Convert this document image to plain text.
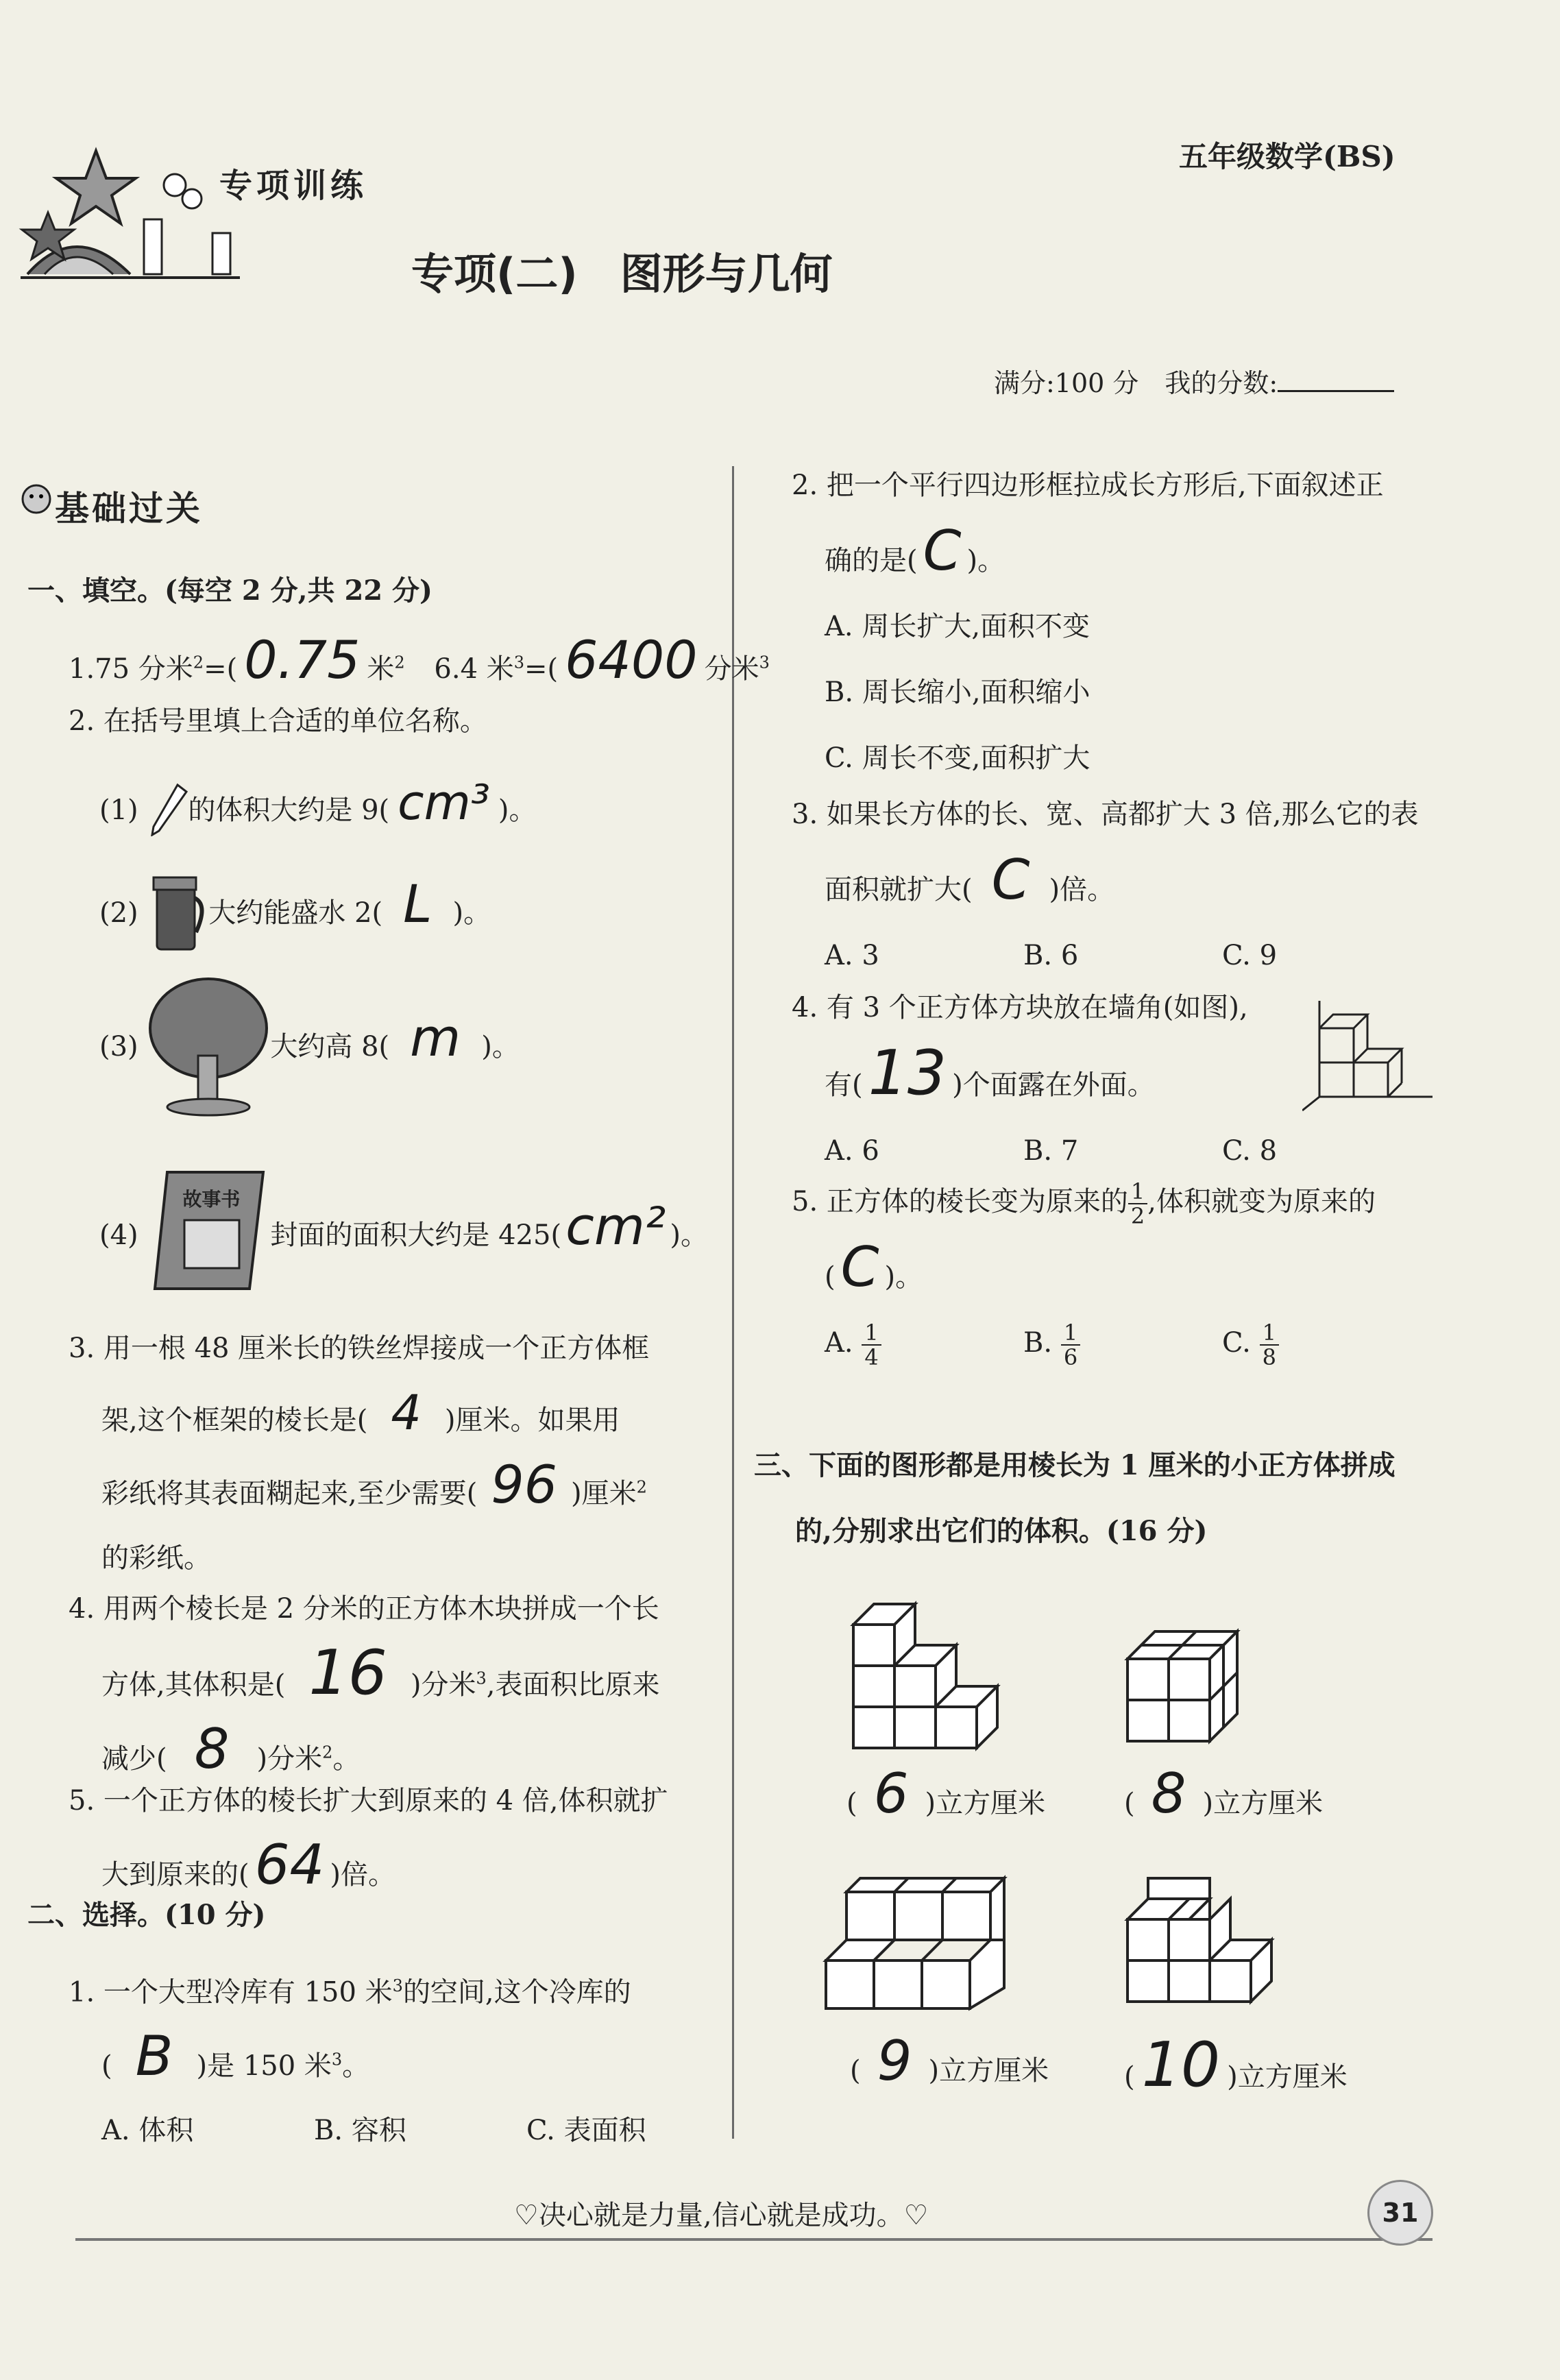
专项训练
五年级数学(BS)
专项(二)　图形与几何
满分:100 分　我的分数:
基础过关
一、填空。(每空 2 分,共 22 分)
1.75 分米$^2$=( 0.75 米$^2$ 6.4 米$^3$=( 6400 分米$^3$
2. 在括号里填上合适的单位名称。
(1) 的体积大约是 9( cm³ )。
(2)	大约能盛水 2( L )。
(3)	大约高 8( m )。
(4)
故事书
封面的面积大约是 425(cm² )。
3. 用一根 48 厘米长的铁丝焊接成一个正方体框
架,这个框架的棱长是( 4 )厘米。如果用
彩纸将其表面糊起来,至少需要( 96 )厘米$^2$
的彩纸。
4. 用两个棱长是 2 分米的正方体木块拼成一个长
方体,其体积是( 16 )分米$^3$,表面积比原来
减少( 8 )分米$^2$。
5. 一个正方体的棱长扩大到原来的 4 倍,体积就扩
大到原来的( 64 )倍。
二、选择。(10 分)
1. 一个大型冷库有 150 米$^3$的空间,这个冷库的
( B )是 150 米$^3$。
A. 体积	B. 容积	C. 表面积
2. 把一个平行四边形框拉成长方形后,下面叙述正
确的是( C )。
A. 周长扩大,面积不变
B. 周长缩小,面积缩小
C. 周长不变,面积扩大
3. 如果长方体的长、宽、高都扩大 3 倍,那么它的表
面积就扩大( C )倍。
A. 3	B. 6	C. 9
4. 有 3 个正方体方块放在墙角(如图),
有(13 )个面露在外面。
A. 6	B. 7	C. 8
5. 正方体的棱长变为原来的 $\frac{1}{2}$ ,体积就变为原来的
( C )。
A. $\frac{1}{4}$	B. $\frac{1}{6}$	C. $\frac{1}{8}$
三、下面的图形都是用棱长为 1 厘米的小正方体拼成
的,分别求出它们的体积。(16 分)
( 6 )立方厘米	( 8 )立方厘米
( 9 )立方厘米	( 10 )立方厘米
♡决心就是力量,信心就是成功。♡	31
